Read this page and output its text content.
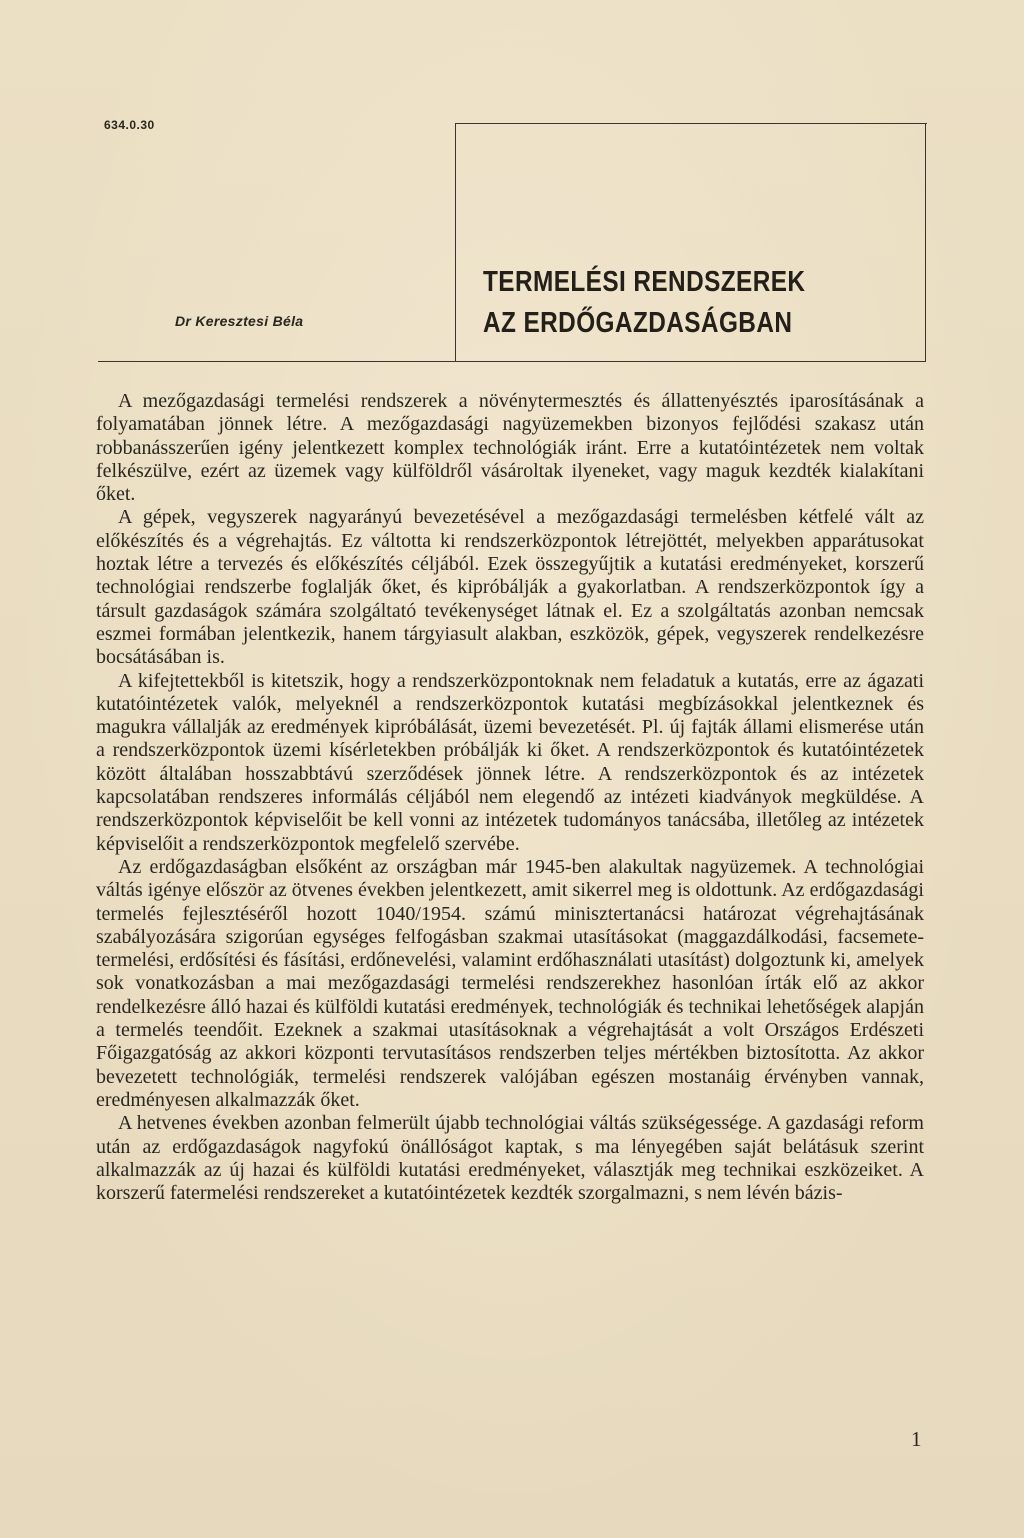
634.0.30
Dr Keresztesi Béla
TERMELÉSI RENDSZEREK
AZ ERDŐGAZDASÁGBAN

A mezőgazdasági termelési rendszerek a növénytermesztés és állattenyésztés iparosításának a folyamatában jönnek létre. A mezőgazdasági nagyüzemekben bizonyos fejlődési szakasz után robbanásszerűen igény jelentkezett komplex technológiák iránt. Erre a kutatóintézetek nem voltak felkészülve, ezért az üzemek vagy külföldről vásároltak ilyeneket, vagy maguk kezdték kialakítani őket.

A gépek, vegyszerek nagyarányú bevezetésével a mezőgazdasági termelésben kétfelé vált az előkészítés és a végrehajtás. Ez váltotta ki rendszerközpontok létrejöttét, melyekben apparátusokat hoztak létre a tervezés és előkészítés céljából. Ezek összegyűjtik a kutatási eredményeket, korszerű technológiai rendszerbe foglalják őket, és kipróbálják a gyakorlatban. A rendszerközpontok így a társult gazdaságok számára szolgáltató tevékenységet látnak el. Ez a szolgáltatás azonban nemcsak eszmei formában jelentkezik, hanem tárgyiasult alakban, eszközök, gépek, vegyszerek rendelkezésre bocsátásában is.

A kifejtettekből is kitetszik, hogy a rendszerközpontoknak nem feladatuk a kutatás, erre az ágazati kutatóintézetek valók, melyeknél a rendszerközpontok kutatási megbízásokkal jelentkeznek és magukra vállalják az eredmények kipróbálását, üzemi bevezetését. Pl. új fajták állami elismerése után a rendszerközpontok üzemi kísérletekben próbálják ki őket. A rendszerközpontok és kutatóintézetek között általában hosszabbtávú szerződések jönnek létre. A rendszerközpontok és az intézetek kapcsolatában rendszeres informálás céljából nem elegendő az intézeti kiadványok megküldése. A rendszerközpontok képviselőit be kell vonni az intézetek tudományos tanácsába, illetőleg az intézetek képviselőit a rendszerközpontok megfelelő szervébe.

Az erdőgazdaságban elsőként az országban már 1945-ben alakultak nagyüzemek. A technológiai váltás igénye először az ötvenes években jelentkezett, amit sikerrel meg is oldottunk. Az erdőgazdasági termelés fejlesztéséről hozott 1040/1954. számú minisztertanácsi határozat végrehajtásának szabályozására szigorúan egységes felfogásban szakmai utasításokat (maggazdálkodási, facsemetetermelési, erdősítési és fásítási, erdőnevelési, valamint erdőhasználati utasítást) dolgoztunk ki, amelyek sok vonatkozásban a mai mezőgazdasági termelési rendszerekhez hasonlóan írták elő az akkor rendelkezésre álló hazai és külföldi kutatási eredmények, technológiák és technikai lehetőségek alapján a termelés teendőit. Ezeknek a szakmai utasításoknak a végrehajtását a volt Országos Erdészeti Főigazgatóság az akkori központi tervutasításos rendszerben teljes mértékben biztosította. Az akkor bevezetett technológiák, termelési rendszerek valójában egészen mostanáig érvényben vannak, eredményesen alkalmazzák őket.

A hetvenes években azonban felmerült újabb technológiai váltás szükségessége. A gazdasági reform után az erdőgazdaságok nagyfokú önállóságot kaptak, s ma lényegében saját belátásuk szerint alkalmazzák az új hazai és külföldi kutatási eredményeket, választják meg technikai eszközeiket. A korszerű fatermelési rendszereket a kutatóintézetek kezdték szorgalmazni, s nem lévén bázis-

1
